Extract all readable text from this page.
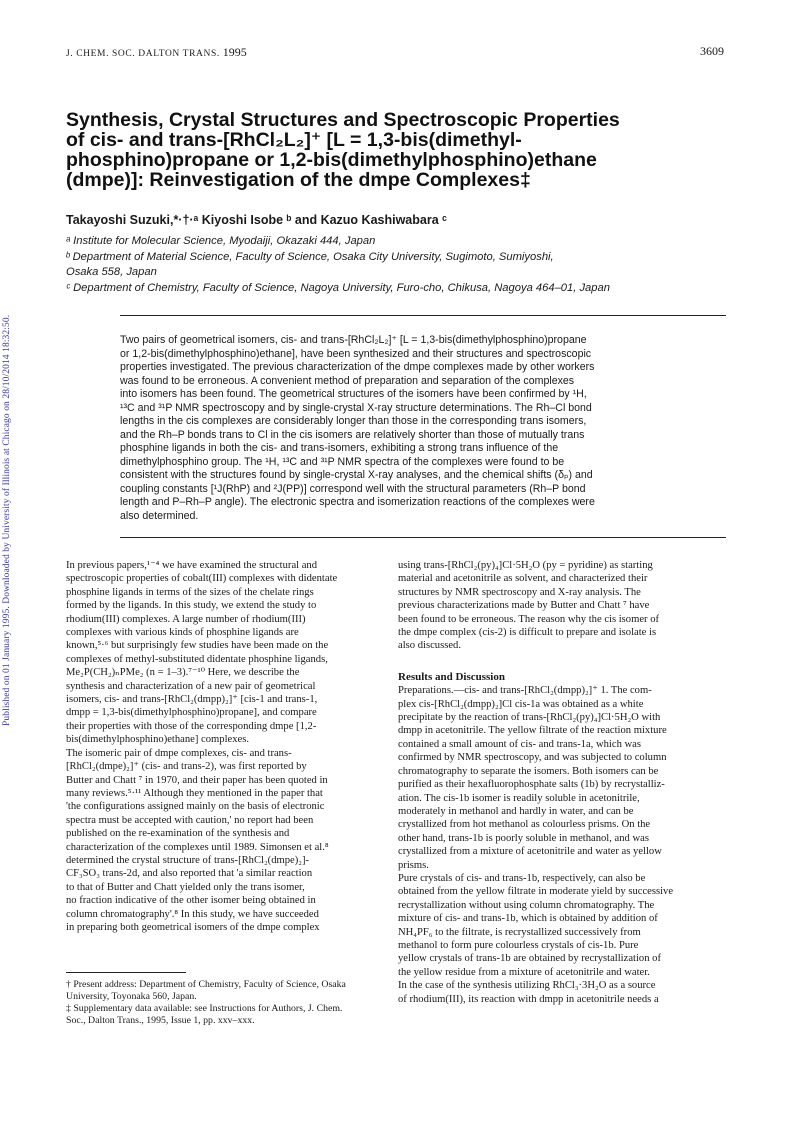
Published on 01 January 1995. Downloaded by University of Illinois at Chicago on 28/10/2014 18:32:50.
J. CHEM. SOC. DALTON TRANS. 1995	3609
Synthesis, Crystal Structures and Spectroscopic Properties
of cis- and trans-[RhCl₂L₂]⁺ [L = 1,3-bis(dimethyl-
phosphino)propane or 1,2-bis(dimethylphosphino)ethane
(dmpe)]: Reinvestigation of the dmpe Complexes‡
Takayoshi Suzuki,*·†·ᵃ Kiyoshi Isobe ᵇ and Kazuo Kashiwabara ᶜ
ᵃ Institute for Molecular Science, Myodaiji, Okazaki 444, Japan
ᵇ Department of Material Science, Faculty of Science, Osaka City University, Sugimoto, Sumiyoshi,
Osaka 558, Japan
ᶜ Department of Chemistry, Faculty of Science, Nagoya University, Furo-cho, Chikusa, Nagoya 464–01, Japan
Two pairs of geometrical isomers, cis- and trans-[RhCl₂L₂]⁺ [L = 1,3-bis(dimethylphosphino)propane
or 1,2-bis(dimethylphosphino)ethane], have been synthesized and their structures and spectroscopic
properties investigated. The previous characterization of the dmpe complexes made by other workers
was found to be erroneous. A convenient method of preparation and separation of the complexes
into isomers has been found. The geometrical structures of the isomers have been confirmed by ¹H,
¹³C and ³¹P NMR spectroscopy and by single-crystal X-ray structure determinations. The Rh–Cl bond
lengths in the cis complexes are considerably longer than those in the corresponding trans isomers,
and the Rh–P bonds trans to Cl in the cis isomers are relatively shorter than those of mutually trans
phosphine ligands in both the cis- and trans-isomers, exhibiting a strong trans influence of the
dimethylphosphino group. The ¹H, ¹³C and ³¹P NMR spectra of the complexes were found to be
consistent with the structures found by single-crystal X-ray analyses, and the chemical shifts (δₚ) and
coupling constants [¹J(RhP) and ²J(PP)] correspond well with the structural parameters (Rh–P bond
length and P–Rh–P angle). The electronic spectra and isomerization reactions of the complexes were
also determined.
In previous papers,¹⁻⁴ we have examined the structural and
spectroscopic properties of cobalt(III) complexes with didentate
phosphine ligands in terms of the sizes of the chelate rings
formed by the ligands. In this study, we extend the study to
rhodium(III) complexes. A large number of rhodium(III)
complexes with various kinds of phosphine ligands are
known,⁵·⁶ but surprisingly few studies have been made on the
complexes of methyl-substituted didentate phosphine ligands,
Me₂P(CH₂)ₙPMe₂ (n = 1–3).⁷⁻¹⁰ Here, we describe the
synthesis and characterization of a new pair of geometrical
isomers, cis- and trans-[RhCl₂(dmpp)₂]⁺ [cis-1 and trans-1,
dmpp = 1,3-bis(dimethylphosphino)propane], and compare
their properties with those of the corresponding dmpe [1,2-
bis(dimethylphosphino)ethane] complexes.
The isomeric pair of dmpe complexes, cis- and trans-
[RhCl₂(dmpe)₂]⁺ (cis- and trans-2), was first reported by
Butter and Chatt ⁷ in 1970, and their paper has been quoted in
many reviews.⁵·¹¹ Although they mentioned in the paper that
'the configurations assigned mainly on the basis of electronic
spectra must be accepted with caution,' no report had been
published on the re-examination of the synthesis and
characterization of the complexes until 1989. Simonsen et al.⁸
determined the crystal structure of trans-[RhCl₂(dmpe)₂]-
CF₃SO₃ trans-2d, and also reported that 'a similar reaction
to that of Butter and Chatt yielded only the trans isomer,
no fraction indicative of the other isomer being obtained in
column chromatography'.⁸ In this study, we have succeeded
in preparing both geometrical isomers of the dmpe complex
using trans-[RhCl₂(py)₄]Cl·5H₂O (py = pyridine) as starting
material and acetonitrile as solvent, and characterized their
structures by NMR spectroscopy and X-ray analysis. The
previous characterizations made by Butter and Chatt ⁷ have
been found to be erroneous. The reason why the cis isomer of
the dmpe complex (cis-2) is difficult to prepare and isolate is
also discussed.
Results and Discussion
Preparations.—cis- and trans-[RhCl₂(dmpp)₂]⁺ 1. The com-
plex cis-[RhCl₂(dmpp)₂]Cl cis-1a was obtained as a white
precipitate by the reaction of trans-[RhCl₂(py)₄]Cl·5H₂O with
dmpp in acetonitrile. The yellow filtrate of the reaction mixture
contained a small amount of cis- and trans-1a, which was
confirmed by NMR spectroscopy, and was subjected to column
chromatography to separate the isomers. Both isomers can be
purified as their hexafluorophosphate salts (1b) by recrystalliz-
ation. The cis-1b isomer is readily soluble in acetonitrile,
moderately in methanol and hardly in water, and can be
crystallized from hot methanol as colourless prisms. On the
other hand, trans-1b is poorly soluble in methanol, and was
crystallized from a mixture of acetonitrile and water as yellow
prisms.
Pure crystals of cis- and trans-1b, respectively, can also be
obtained from the yellow filtrate in moderate yield by successive
recrystallization without using column chromatography. The
mixture of cis- and trans-1b, which is obtained by addition of
NH₄PF₆ to the filtrate, is recrystallized successively from
methanol to form pure colourless crystals of cis-1b. Pure
yellow crystals of trans-1b are obtained by recrystallization of
the yellow residue from a mixture of acetonitrile and water.
In the case of the synthesis utilizing RhCl₃·3H₂O as a source
of rhodium(III), its reaction with dmpp in acetonitrile needs a
† Present address: Department of Chemistry, Faculty of Science, Osaka
University, Toyonaka 560, Japan.
‡ Supplementary data available: see Instructions for Authors, J. Chem.
Soc., Dalton Trans., 1995, Issue 1, pp. xxv–xxx.
